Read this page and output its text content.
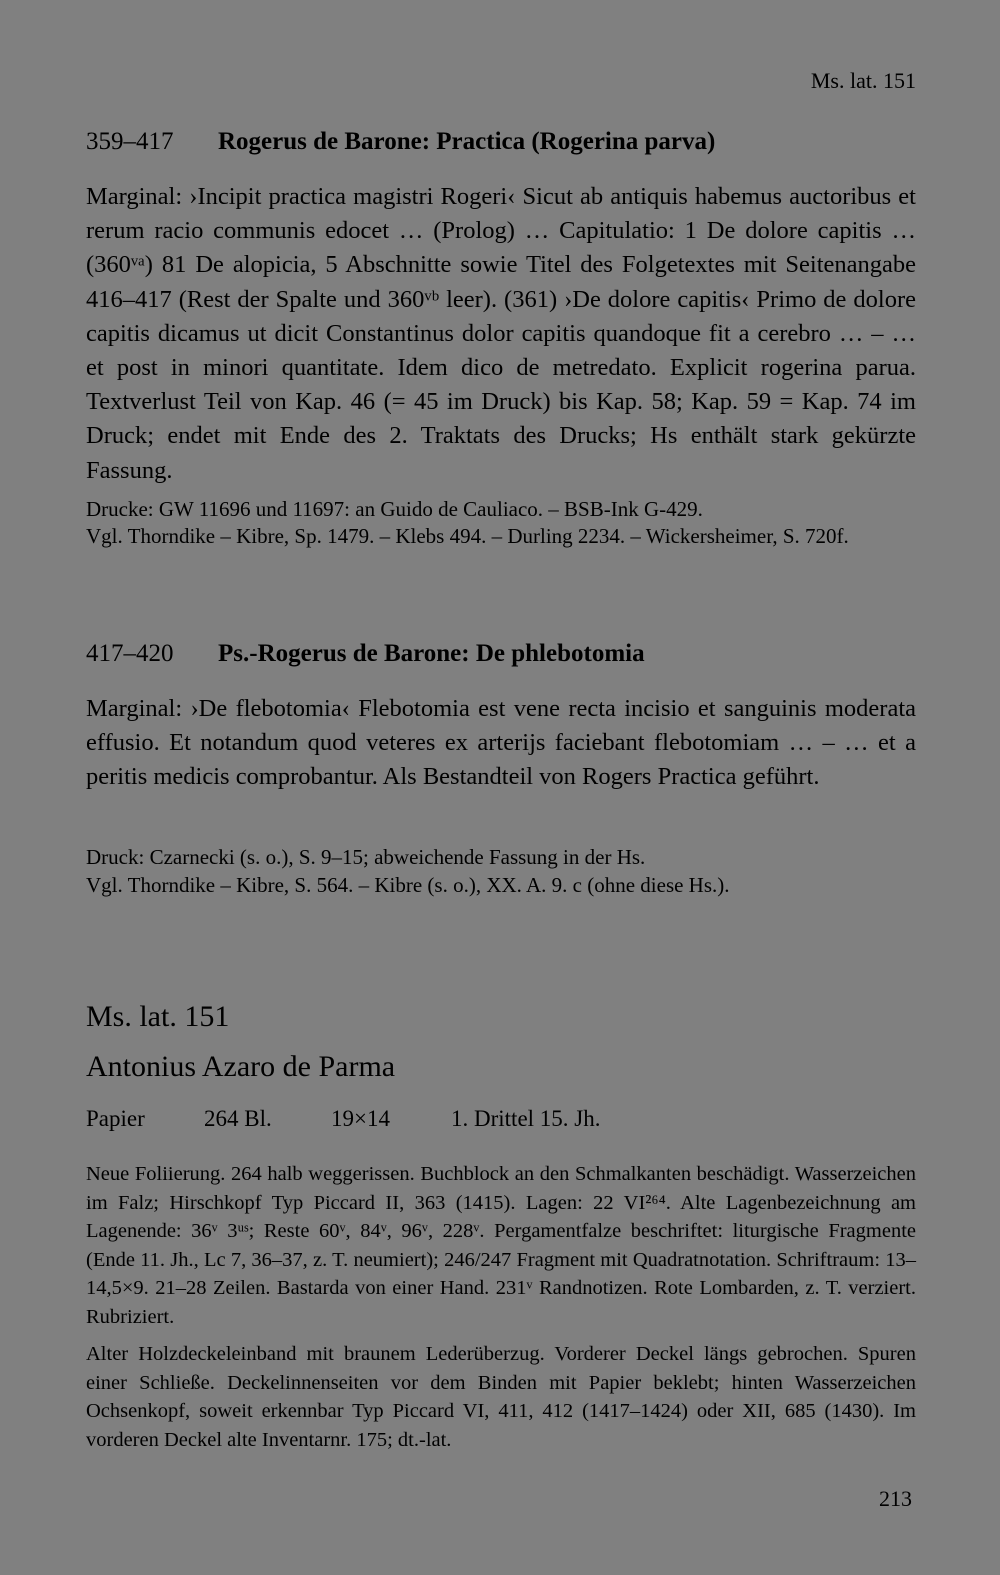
Ms. lat. 151
359–417 Rogerus de Barone: Practica (Rogerina parva)
Marginal: ›Incipit practica magistri Rogeri‹ Sicut ab antiquis habemus auctoribus et rerum racio communis edocet … (Prolog) … Capitulatio: 1 De dolore capitis … (360ᵛᵃ) 81 De alopicia, 5 Abschnitte sowie Titel des Folgetextes mit Seitenangabe 416–417 (Rest der Spalte und 360ᵛᵇ leer). (361) ›De dolore capitis‹ Primo de dolore capitis dicamus ut dicit Constantinus dolor capitis quandoque fit a cerebro … – … et post in minori quantitate. Idem dico de metredato. Explicit rogerina parua. Textverlust Teil von Kap. 46 (= 45 im Druck) bis Kap. 58; Kap. 59 = Kap. 74 im Druck; endet mit Ende des 2. Traktats des Drucks; Hs enthält stark gekürzte Fassung.
Drucke: GW 11696 und 11697: an Guido de Cauliaco. – BSB-Ink G-429.
Vgl. Thorndike – Kibre, Sp. 1479. – Klebs 494. – Durling 2234. – Wickersheimer, S. 720f.
417–420 Ps.-Rogerus de Barone: De phlebotomia
Marginal: ›De flebotomia‹ Flebotomia est vene recta incisio et sanguinis moderata effusio. Et notandum quod veteres ex arterijs faciebant flebotomiam … – … et a peritis medicis comprobantur. Als Bestandteil von Rogers Practica geführt.
Druck: Czarnecki (s. o.), S. 9–15; abweichende Fassung in der Hs.
Vgl. Thorndike – Kibre, S. 564. – Kibre (s. o.), XX. A. 9. c (ohne diese Hs.).
Ms. lat. 151
Antonius Azaro de Parma
Papier	264 Bl.	19×14	1. Drittel 15. Jh.
Neue Foliierung. 264 halb weggerissen. Buchblock an den Schmalkanten beschädigt. Wasserzeichen im Falz; Hirschkopf Typ Piccard II, 363 (1415). Lagen: 22 VI²⁶⁴. Alte Lagenbezeichnung am Lagenende: 36ᵛ 3ᵘˢ; Reste 60ᵛ, 84ᵛ, 96ᵛ, 228ᵛ. Pergamentfalze beschriftet: liturgische Fragmente (Ende 11. Jh., Lc 7, 36–37, z. T. neumiert); 246/247 Fragment mit Quadratnotation. Schriftraum: 13–14,5×9. 21–28 Zeilen. Bastarda von einer Hand. 231ᵛ Randnotizen. Rote Lombarden, z. T. verziert. Rubriziert.
Alter Holzdeckeleinband mit braunem Lederüberzug. Vorderer Deckel längs gebrochen. Spuren einer Schließe. Deckelinnenseiten vor dem Binden mit Papier beklebt; hinten Wasserzeichen Ochsenkopf, soweit erkennbar Typ Piccard VI, 411, 412 (1417–1424) oder XII, 685 (1430). Im vorderen Deckel alte Inventarnr. 175; dt.-lat.
213
